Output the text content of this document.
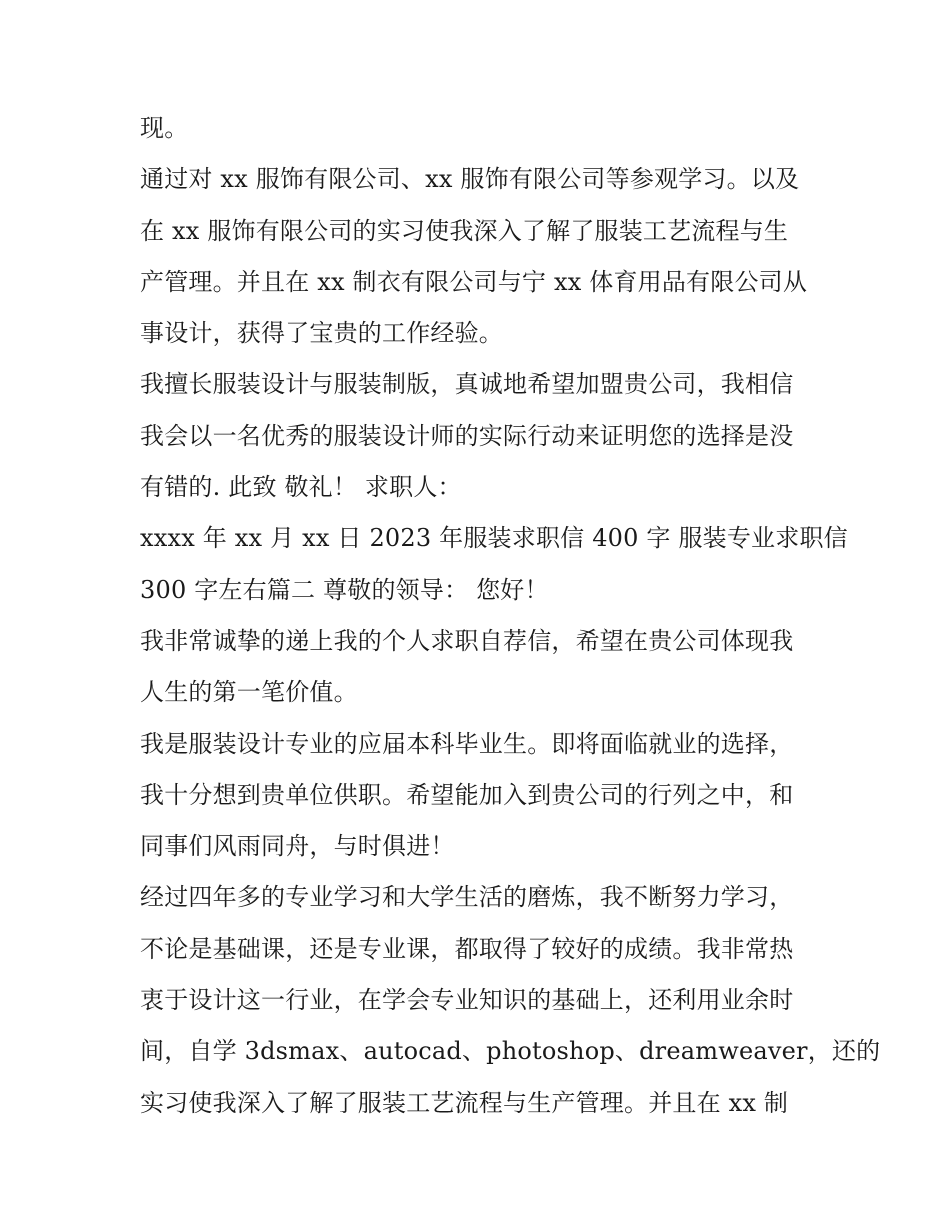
现。
通过对 xx 服饰有限公司、xx 服饰有限公司等参观学习。以及
在 xx 服饰有限公司的实习使我深入了解了服装工艺流程与生
产管理。并且在 xx 制衣有限公司与宁 xx 体育用品有限公司从
事设计，获得了宝贵的工作经验。
我擅长服装设计与服装制版，真诚地希望加盟贵公司，我相信
我会以一名优秀的服装设计师的实际行动来证明您的选择是没
有错的. 此致 敬礼！ 求职人：
xxxx 年 xx 月 xx 日 2023 年服装求职信 400 字 服装专业求职信
300 字左右篇二 尊敬的领导： 您好！
我非常诚挚的递上我的个人求职自荐信，希望在贵公司体现我
人生的第一笔价值。
我是服装设计专业的应届本科毕业生。即将面临就业的选择，
我十分想到贵单位供职。希望能加入到贵公司的行列之中，和
同事们风雨同舟，与时俱进！
经过四年多的专业学习和大学生活的磨炼，我不断努力学习，
不论是基础课，还是专业课，都取得了较好的成绩。我非常热
衷于设计这一行业，在学会专业知识的基础上，还利用业余时
间，自学 3dsmax、autocad、photoshop、dreamweaver，还的
实习使我深入了解了服装工艺流程与生产管理。并且在 xx 制
